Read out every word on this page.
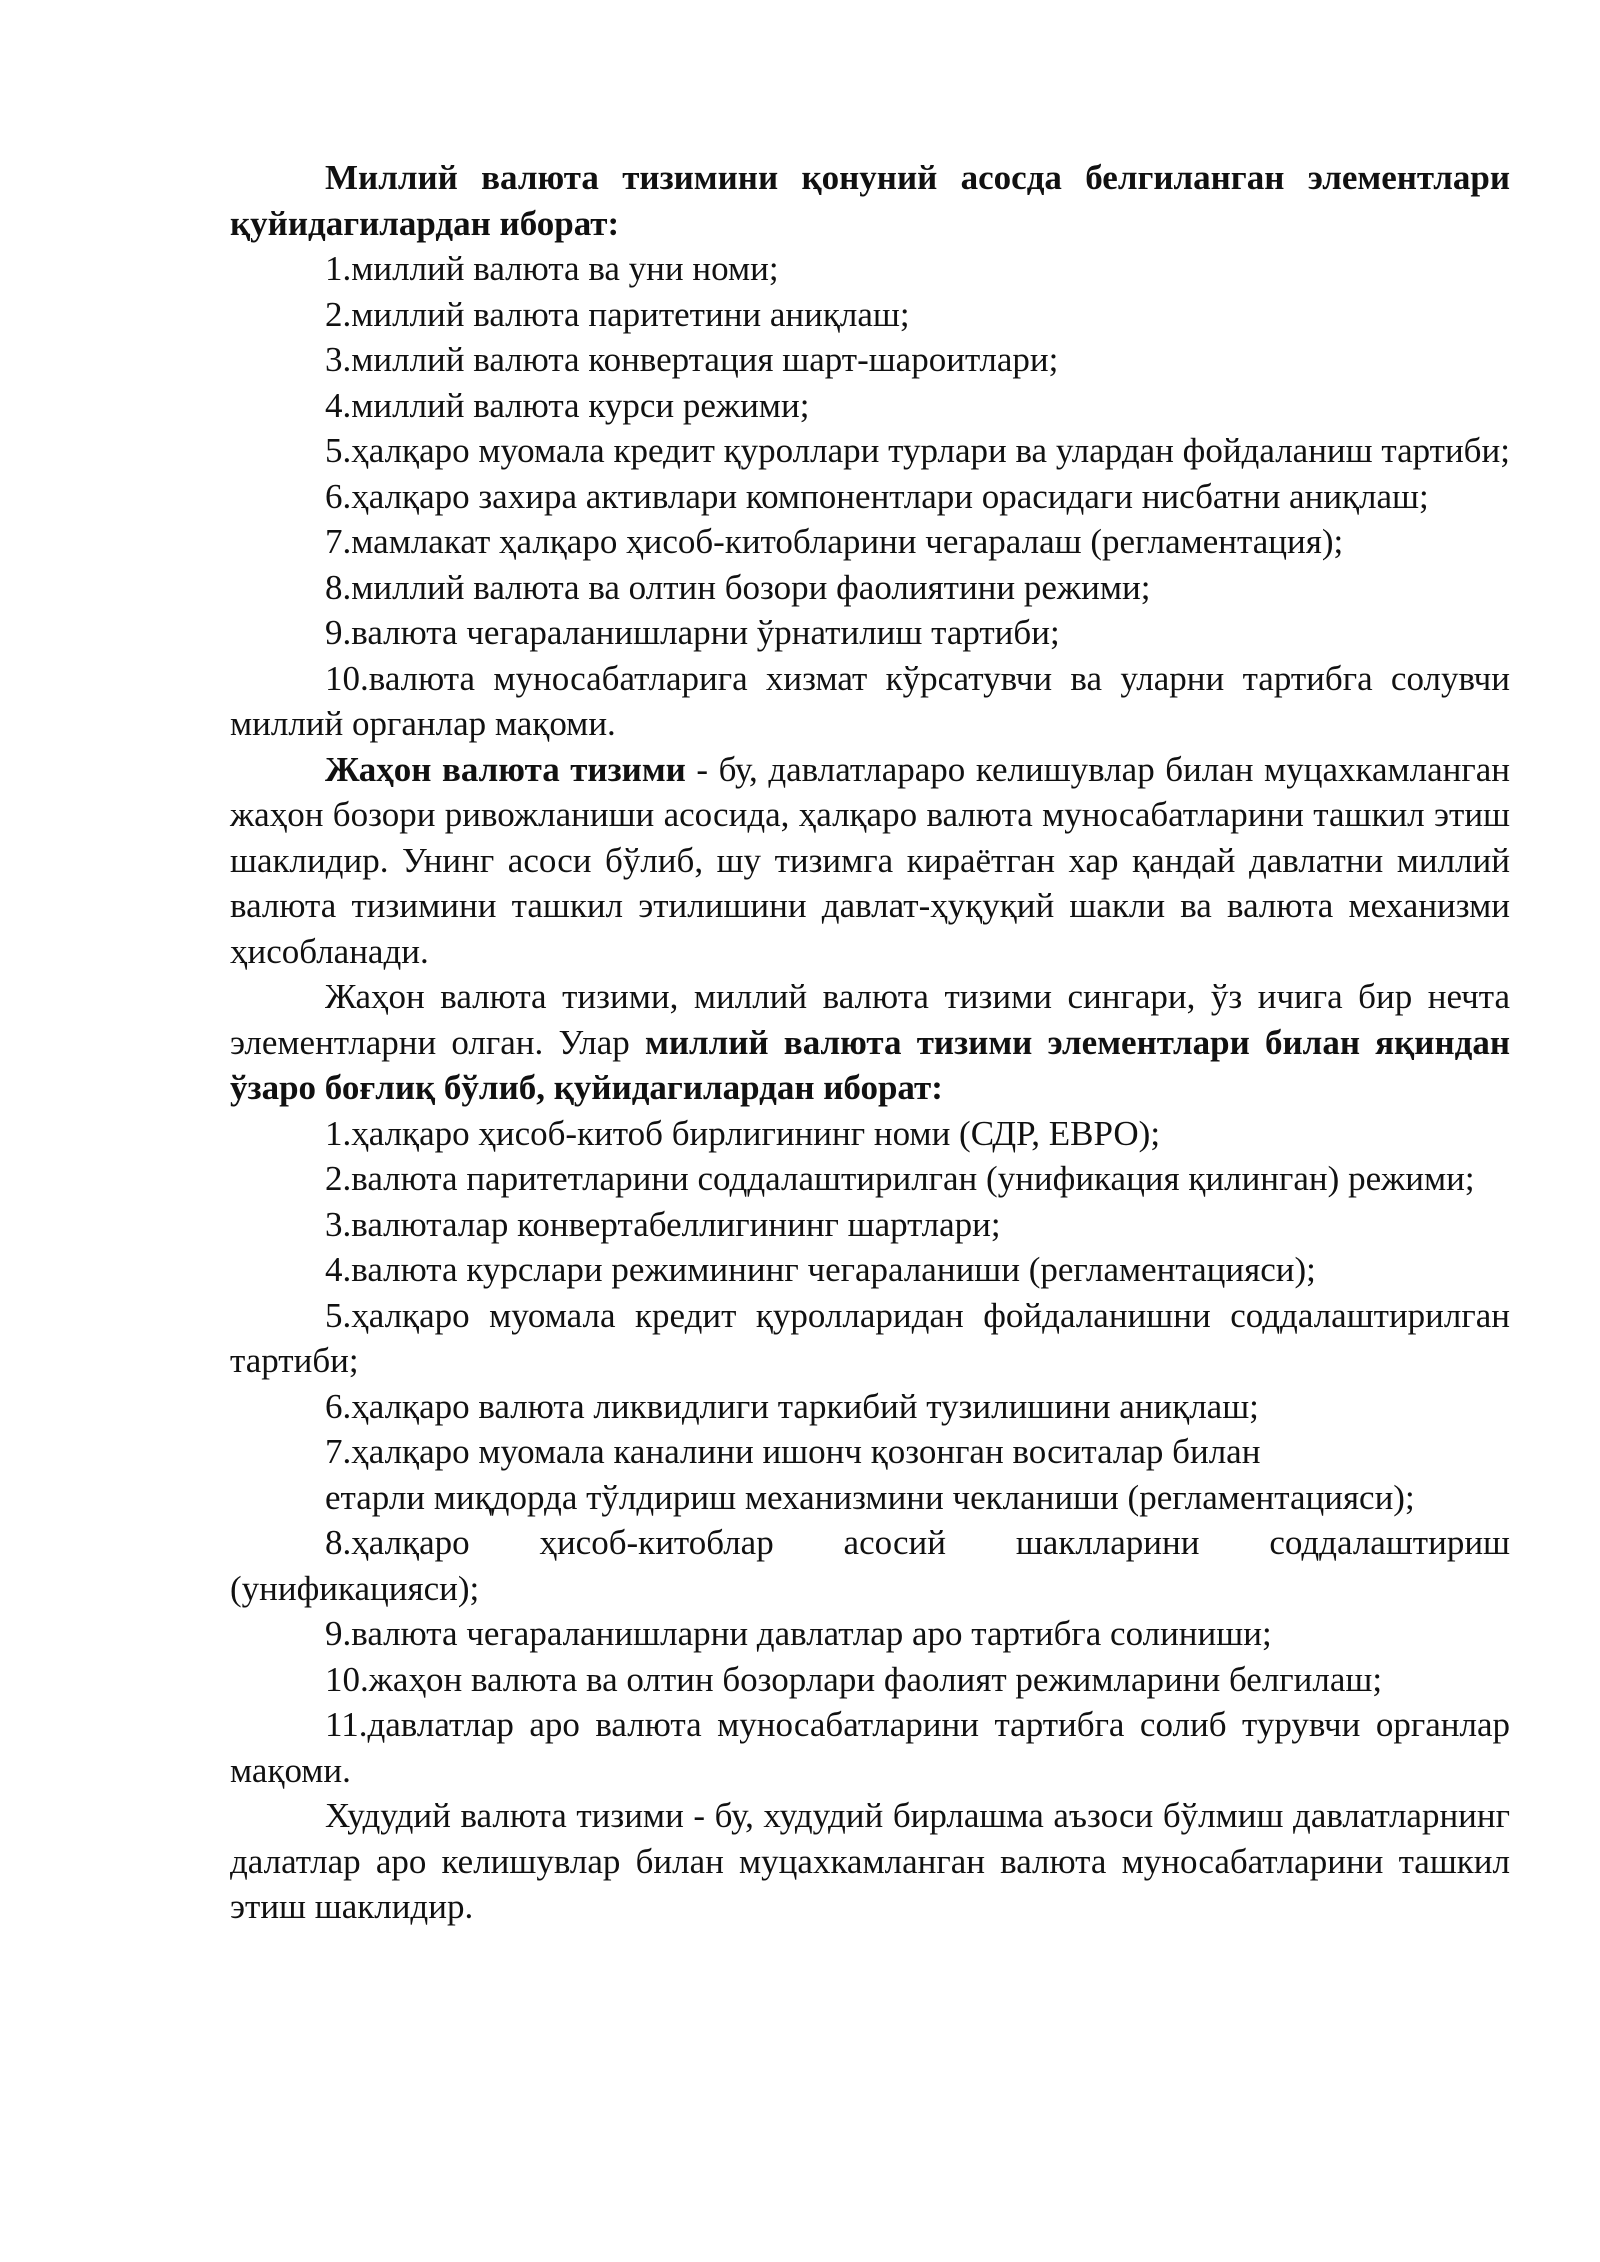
Миллий валюта тизимини қонуний асосда белгиланган элементлари қуйидагилардан иборат:

1.миллий валюта ва уни номи;

2.миллий валюта паритетини аниқлаш;

3.миллий валюта конвертация шарт-шароитлари;

4.миллий валюта курси режими;

5.ҳалқаро муомала кредит қуроллари турлари ва улардан фойдаланиш тартиби;

6.ҳалқаро захира активлари компонентлари орасидаги нисбатни аниқлаш;

7.мамлакат ҳалқаро ҳисоб-китобларини чегаралаш (регламентация);

8.миллий валюта ва олтин бозори фаолиятини режими;

9.валюта чегараланишларни ўрнатилиш тартиби;

10.валюта муносабатларига хизмат кўрсатувчи ва уларни тартибга солувчи миллий органлар мақоми.

Жаҳон валюта тизими - бу, давлатлараро келишувлар билан муцахкамланган жаҳон бозори ривожланиши асосида, ҳалқаро валюта муносабатларини ташкил этиш шаклидир. Унинг асоси бўлиб, шу тизимга кираётган хар қандай давлатни миллий валюта тизимини ташкил этилишини давлат-ҳуқуқий шакли ва валюта механизми ҳисобланади.

Жаҳон валюта тизими, миллий валюта тизими сингари, ўз ичига бир нечта элементларни олган. Улар миллий валюта тизими элементлари билан яқиндан ўзаро боғлиқ бўлиб, қуйидагилардан иборат:

1.ҳалқаро ҳисоб-китоб бирлигининг номи (СДР, ЕВРО);

2.валюта паритетларини соддалаштирилган (унификация қилинган) режими;

3.валюталар конвертабеллигининг шартлари;

4.валюта курслари режимининг чегараланиши (регламентацияси);

5.ҳалқаро муомала кредит қуролларидан фойдаланишни соддалаштирилган тартиби;

6.ҳалқаро валюта ликвидлиги таркибий тузилишини аниқлаш;

7.ҳалқаро муомала каналини ишонч қозонган воситалар билан

етарли миқдорда тўлдириш механизмини чекланиши (регламентацияси);

8.ҳалқаро ҳисоб-китоблар асосий шаклларини соддалаштириш (унификацияси);

9.валюта чегараланишларни давлатлар аро тартибга солиниши;

10.жаҳон валюта ва олтин бозорлари фаолият режимларини белгилаш;

11.давлатлар аро валюта муносабатларини тартибга солиб турувчи органлар мақоми.

Худудий валюта тизими - бу, худудий бирлашма аъзоси бўлмиш давлатларнинг далатлар аро келишувлар билан муцахкамланган валюта муносабатларини ташкил этиш шаклидир.
